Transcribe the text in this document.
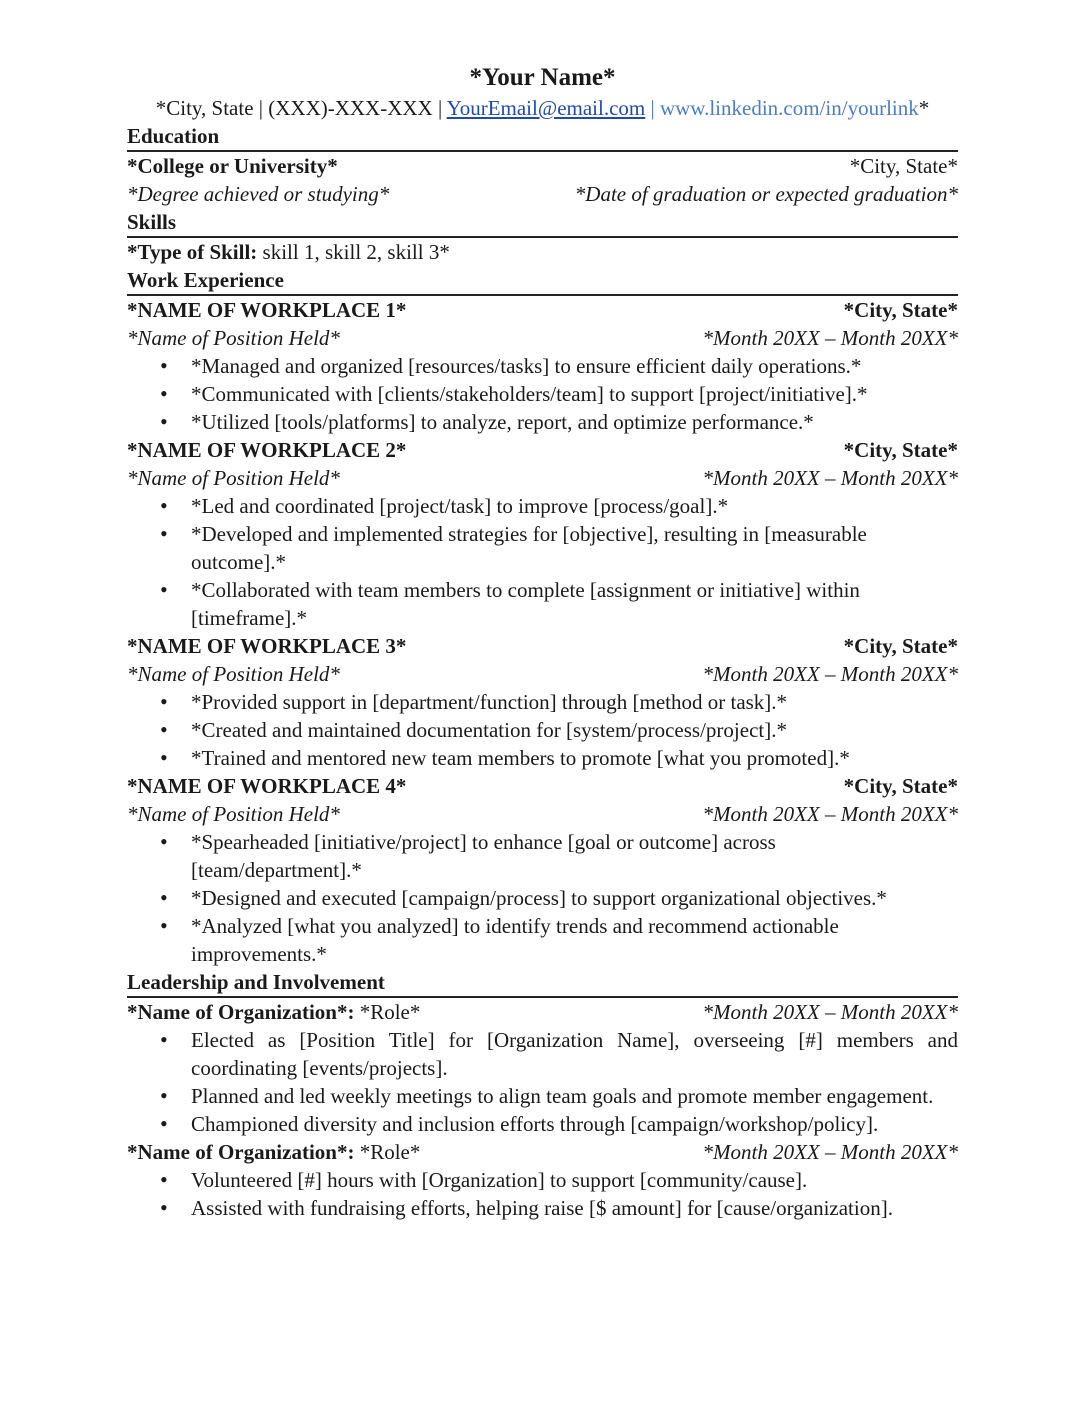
*Your Name*
*City, State | (XXX)-XXX-XXX | YourEmail@email.com | www.linkedin.com/in/yourlink*
Education
*College or University*	*City, State*
*Degree achieved or studying*	*Date of graduation or expected graduation*
Skills
*Type of Skill: skill 1, skill 2, skill 3*
Work Experience
*NAME OF WORKPLACE 1*	*City, State*
*Name of Position Held*	*Month 20XX – Month 20XX*
• *Managed and organized [resources/tasks] to ensure efficient daily operations.*
• *Communicated with [clients/stakeholders/team] to support [project/initiative].*
• *Utilized [tools/platforms] to analyze, report, and optimize performance.*
*NAME OF WORKPLACE 2*	*City, State*
*Name of Position Held*	*Month 20XX – Month 20XX*
• *Led and coordinated [project/task] to improve [process/goal].*
• *Developed and implemented strategies for [objective], resulting in [measurable outcome].*
• *Collaborated with team members to complete [assignment or initiative] within [timeframe].*
*NAME OF WORKPLACE 3*	*City, State*
*Name of Position Held*	*Month 20XX – Month 20XX*
• *Provided support in [department/function] through [method or task].*
• *Created and maintained documentation for [system/process/project].*
• *Trained and mentored new team members to promote [what you promoted].*
*NAME OF WORKPLACE 4*	*City, State*
*Name of Position Held*	*Month 20XX – Month 20XX*
• *Spearheaded [initiative/project] to enhance [goal or outcome] across [team/department].*
• *Designed and executed [campaign/process] to support organizational objectives.*
• *Analyzed [what you analyzed] to identify trends and recommend actionable improvements.*
Leadership and Involvement
*Name of Organization*: *Role*	*Month 20XX – Month 20XX*
• Elected as [Position Title] for [Organization Name], overseeing [#] members and coordinating [events/projects].
• Planned and led weekly meetings to align team goals and promote member engagement.
• Championed diversity and inclusion efforts through [campaign/workshop/policy].
*Name of Organization*: *Role*	*Month 20XX – Month 20XX*
• Volunteered [#] hours with [Organization] to support [community/cause].
• Assisted with fundraising efforts, helping raise [$ amount] for [cause/organization].
